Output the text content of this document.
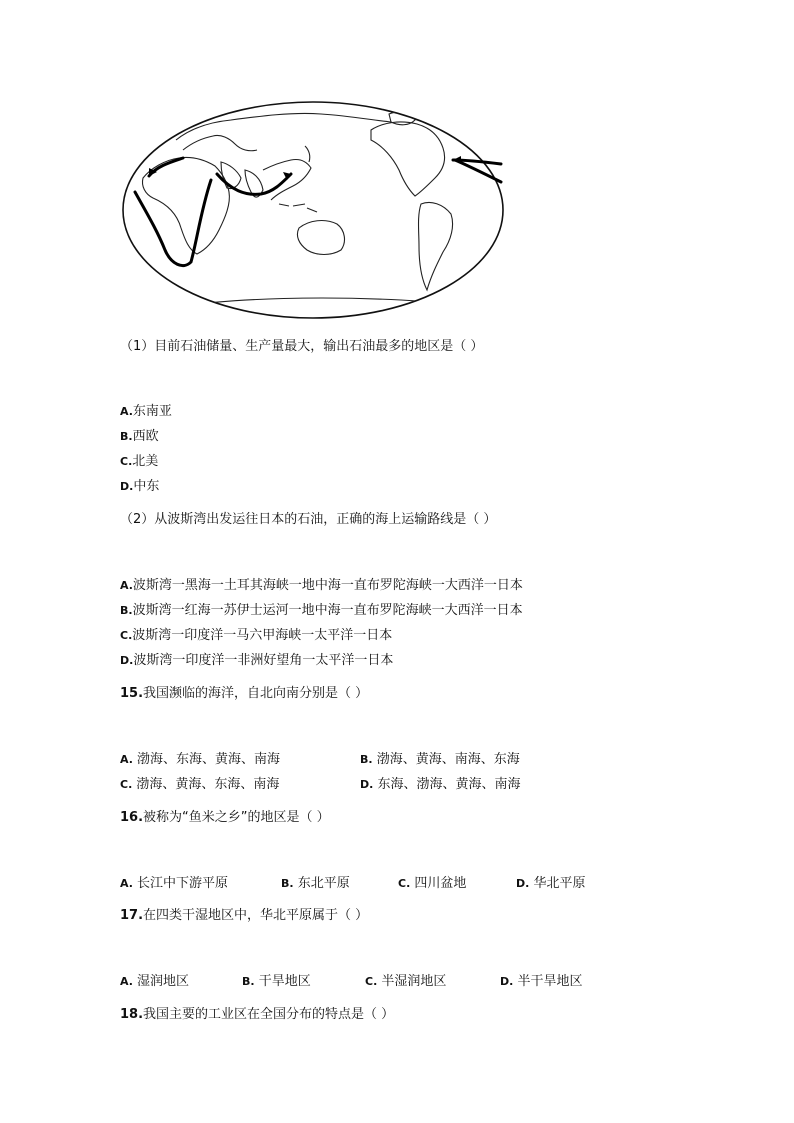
（1）目前石油储量、生产量最大，输出石油最多的地区是（ ）
A.东南亚
B.西欧
C.北美
D.中东
（2）从波斯湾出发运往日本的石油，正确的海上运输路线是（ ）
A.波斯湾一黑海一土耳其海峡一地中海一直布罗陀海峡一大西洋一日本
B.波斯湾一红海一苏伊士运河一地中海一直布罗陀海峡一大西洋一日本
C.波斯湾一印度洋一马六甲海峡一太平洋一日本
D.波斯湾一印度洋一非洲好望角一太平洋一日本
15.我国濒临的海洋，自北向南分别是（ ）
A. 渤海、东海、黄海、南海	B. 渤海、黄海、南海、东海
C. 渤海、黄海、东海、南海	D. 东海、渤海、黄海、南海
16.被称为“鱼米之乡”的地区是（ ）
A. 长江中下游平原	B. 东北平原	C. 四川盆地	D. 华北平原
17.在四类干湿地区中，华北平原属于（ ）
A. 湿润地区	B. 干旱地区	C. 半湿润地区	D. 半干旱地区
18.我国主要的工业区在全国分布的特点是（ ）
